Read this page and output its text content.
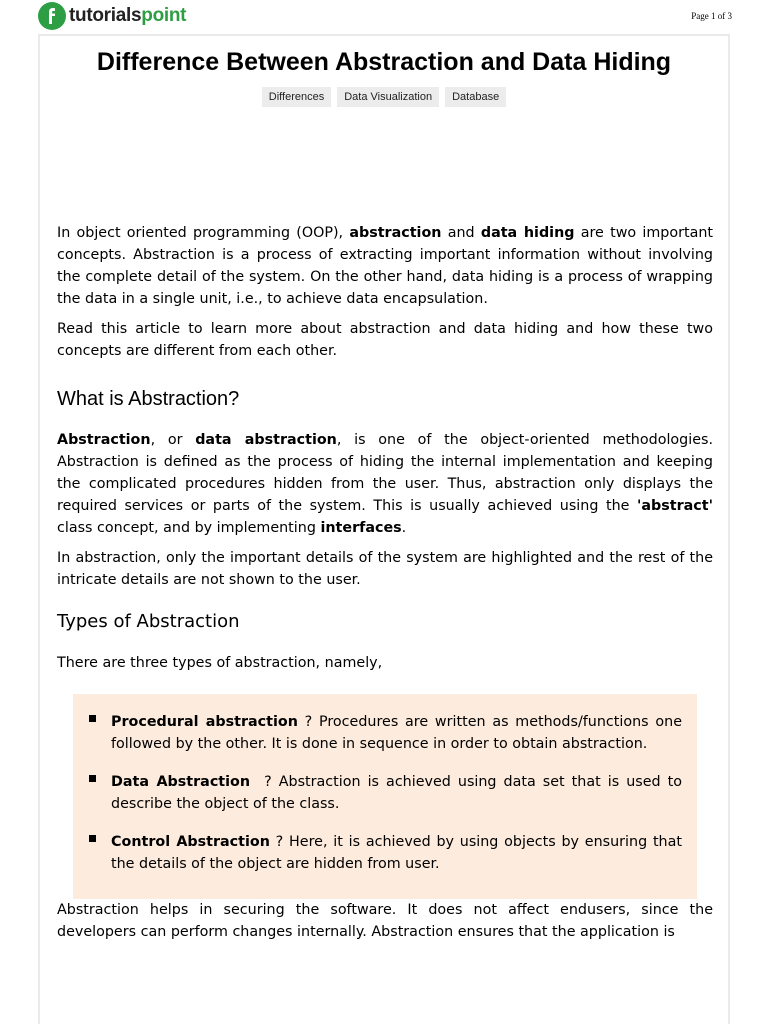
tutorialspoint	Page 1 of 3
Difference Between Abstraction and Data Hiding
Differences	Data Visualization	Database

In object oriented programming (OOP), abstraction and data hiding are two important concepts. Abstraction is a process of extracting important information without involving the complete detail of the system. On the other hand, data hiding is a process of wrapping the data in a single unit, i.e., to achieve data encapsulation.

Read this article to learn more about abstraction and data hiding and how these two concepts are different from each other.

What is Abstraction?

Abstraction, or data abstraction, is one of the object-oriented methodologies. Abstraction is defined as the process of hiding the internal implementation and keeping the complicated procedures hidden from the user. Thus, abstraction only displays the required services or parts of the system. This is usually achieved using the 'abstract' class concept, and by implementing interfaces.

In abstraction, only the important details of the system are highlighted and the rest of the intricate details are not shown to the user.

Types of Abstraction

There are three types of abstraction, namely,

Procedural abstraction ? Procedures are written as methods/functions one followed by the other. It is done in sequence in order to obtain abstraction.
Data Abstraction  ? Abstraction is achieved using data set that is used to describe the object of the class.
Control Abstraction ? Here, it is achieved by using objects by ensuring that the details of the object are hidden from user.

Abstraction helps in securing the software. It does not affect endusers, since the developers can perform changes internally. Abstraction ensures that the application is
